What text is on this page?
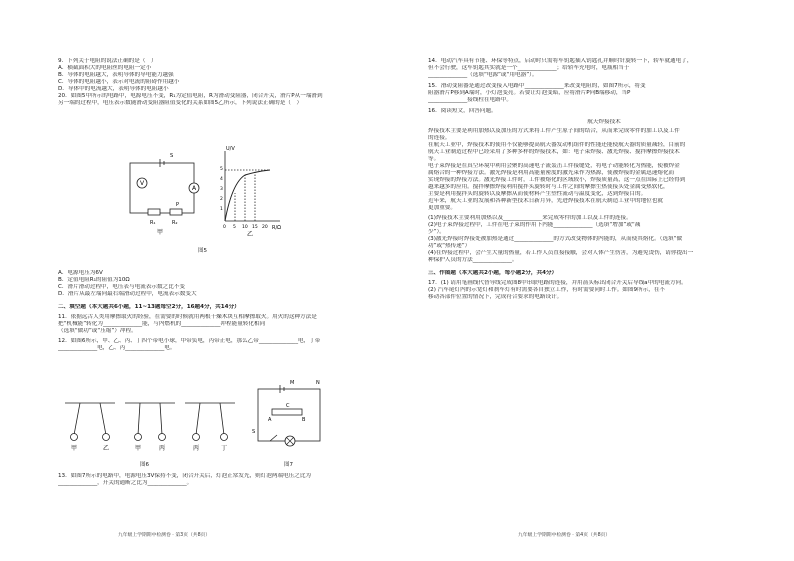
9．下列关于电阻的说法正确的是（　）
A．横截面积大的电阻丝的电阻一定小
B．导体的电阻越大，表明导体的导电能力越强
C．导体的电阻越小，表示对电流的阻碍作用越小
D．导体中的电流越大，表明导体的电阻越小
20．如图5甲所示的电路中，电源电压不变，R₁为定值电阻，R为滑动变阻器，闭合开关，滑片P从一端滑到
另一端的过程中，电压表示数随滑动变阻器阻值变化的关系如图5乙所示，下列说法正确的是（　）
V
A
S
P
R₁	R₂
甲
U/V
R/Ω
1
2
3
4
5
0 5 10 15 20
乙
图5
A．电源电压为6V
B．定值电阻R₁的阻值为10Ω
C．滑片滑动过程中，电压表与电流表示数之比不变
D．滑片从最左端向最右端滑动过程中，电流表示数变大
二、填空题（本大题共6小题，11~13题每空2分，16题4分，共14分）
11．依据远古人类用摩擦取火的经验，在需要的时候就用两根干燥木块互相摩擦取火。用火的这种方法是
把“机械能”转化为______________能，与内燃机的______________冲程能量转化相同
（选填“做功”或“压缩”）冲程。
12．如图6所示，甲、乙、丙、丁四个带电小球，甲带负电，丙带正电，那么乙带______________电，丁带
______________电，乙、丙______________电。
甲	乙	甲	丙	丙	丁
图6
M	N
A	B
C
S
图7
13．如图7所示的电路中，电源电压3V保持不变，闭合开关后，灯泡正常发光，则灯泡两端电压之比为
______________，开关的通断之比为______________。
九年级上学期期中检测卷 · 第3页（共8页）
14．电动汽车具有节能、环保等特点，启动时只需将车钥匙插入钥匙孔并顺时针旋转一下，轿车就通电了，
但不会行驶，这车钥匙其实就是一个______________；给轿车充电时，电瓶相当于
______________（选填“电源”或“用电器”）。
15．滑动变阻器是通过改变接入电路中______________来改变电阻的，如图7所示，将变
阻器滑片P移到A端时，小灯泡变亮。若要让灯泡变暗，应将滑片P向B端移动，当P
______________接线柱在电路中。
16．阅读短文，回答问题。
航天焊接技术
焊接技术主要是利用加热以及加压的方式来将工件产生原子间的结合，从而来完成零件的加工以及工件
的连接。
在航天工业中，焊接技术的使用不仅能够提高航天器发动机组件的性能还能使航天器的质量减轻，目前的
航天工业制造过程中已经采用了多种多样的焊接技术，如：电子束焊接、激光焊接、搅拌摩擦焊接技术
等。
电子束焊接是在真空环境中利用会聚的高速电子流轰击工件接缝处，将电子动能转化为热能，使被焊金
属熔合的一种焊接方法。激光焊接是利用高能量密度的激光束作为热源，使被焊接的金属迅速熔化而
实现焊接的焊接方法。激光焊接工件时，工件被熔化的区域较小，焊接质量高，这一点在国际上已经得到
越来越多的应用。搅拌摩擦焊接利用搅拌头旋转时与工件之间的摩擦生热使接头处金属受热软化，
主要是利用搅拌头的旋转以及摩擦从而使材料产生塑性流动与温度变化，达到焊接目的。
近年来，航天工业的发展和各种新型技术日新月异，先进焊接技术在航天制造工业中的地位也就
更加重要。
(1)焊接技术主要利用加热以及______________来完成零件的加工以及工件的连接。
(2)电子束焊接过程中，工件在电子束的作用下内能______________（选填“增加”或“减
少”）。
(3)激光焊接时焊接处被加热是通过______________的方式改变物体的内能的，从而使其熔化。（选填“做
功”或“热传递”）
(4)在焊接过程中，会产生大量的热量，若工作人员直接接触，会对人体产生伤害，为避免烫伤，请你提出一
种保护人员的方法______________。
三、作图题（本大题共2小题，每小题2分，共4分）
17．(1) 请用笔画线代替导线完成图8中串联电路的连接，并用箭头标出闭合开关后导线a中的电流方向。
(2) 汽车尾灯内的示宽灯和刹车灯有时需要各自独立工作，有时需要同时工作。如图9所示，在不
移动各部件位置的情况下，完成符合要求的电路设计。
九年级上学期期中检测卷 · 第4页（共8页）
